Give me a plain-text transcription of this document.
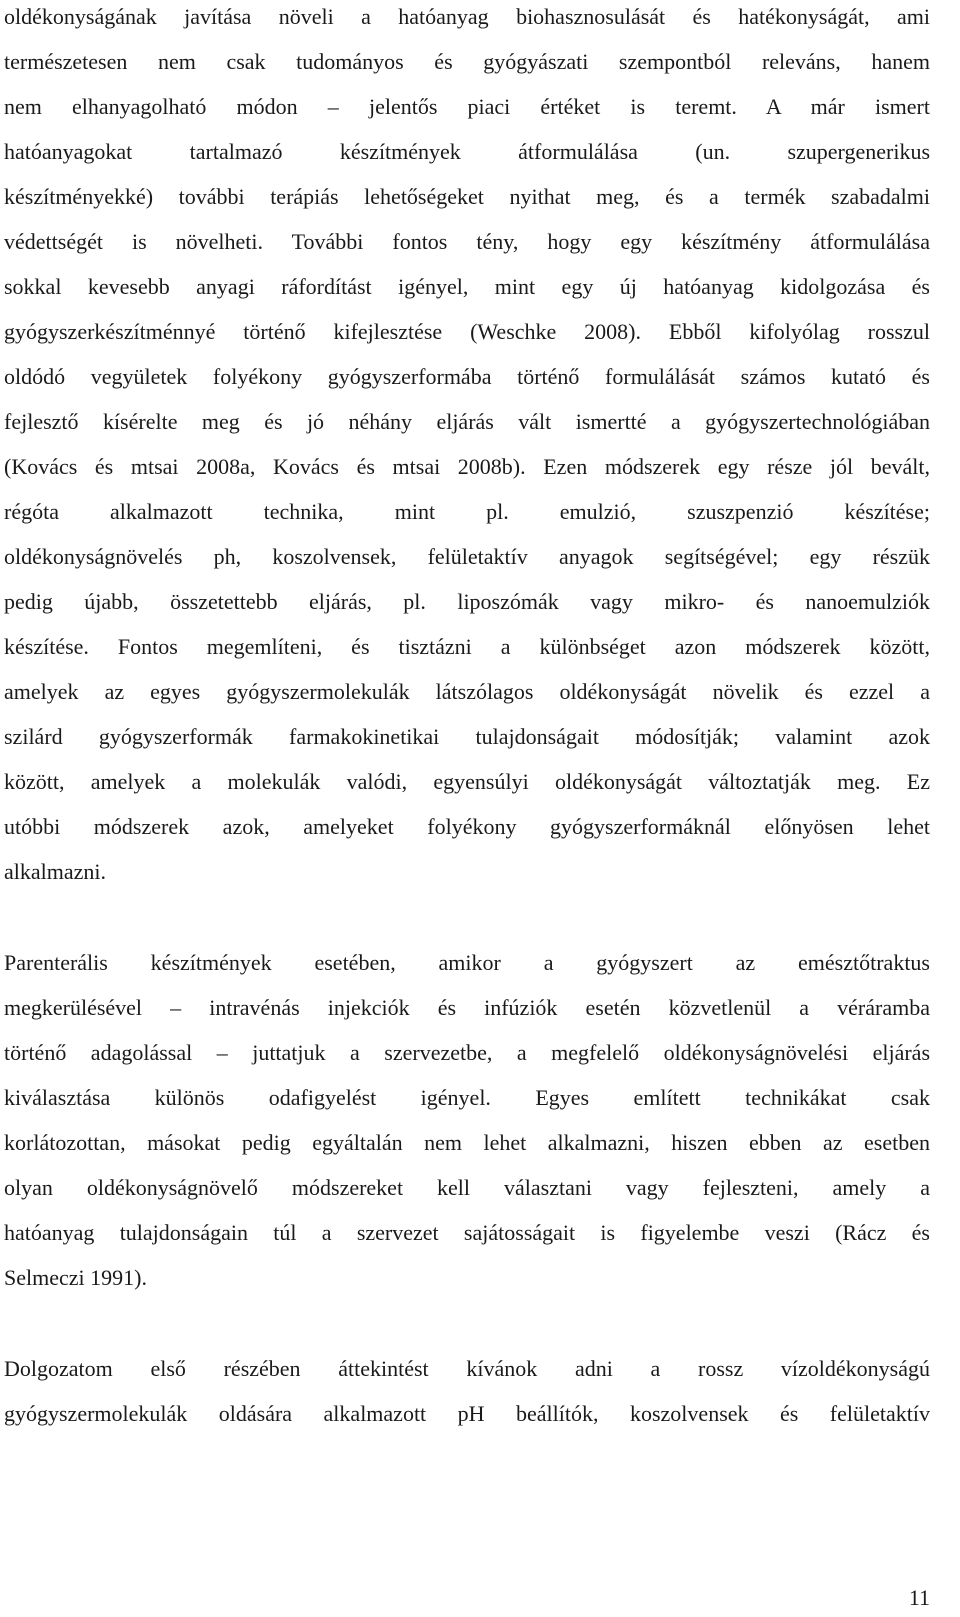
oldékonyságának javítása növeli a hatóanyag biohasznosulását és hatékonyságát, ami
természetesen nem csak tudományos és gyógyászati szempontból releváns, hanem
nem elhanyagolható módon – jelentős piaci értéket is teremt. A már ismert
hatóanyagokat tartalmazó készítmények átformulálása (un. szupergenerikus
készítményekké) további terápiás lehetőségeket nyithat meg, és a termék szabadalmi
védettségét is növelheti. További fontos tény, hogy egy készítmény átformulálása
sokkal kevesebb anyagi ráfordítást igényel, mint egy új hatóanyag kidolgozása és
gyógyszerkészítménnyé történő kifejlesztése (Weschke 2008). Ebből kifolyólag rosszul
oldódó vegyületek folyékony gyógyszerformába történő formulálását számos kutató és
fejlesztő kísérelte meg és jó néhány eljárás vált ismertté a gyógyszertechnológiában
(Kovács és mtsai 2008a, Kovács és mtsai 2008b). Ezen módszerek egy része jól bevált,
régóta alkalmazott technika, mint pl. emulzió, szuszpenzió készítése;
oldékonyságnövelés ph, koszolvensek, felületaktív anyagok segítségével; egy részük
pedig újabb, összetettebb eljárás, pl. liposzómák vagy mikro- és nanoemulziók
készítése. Fontos megemlíteni, és tisztázni a különbséget azon módszerek között,
amelyek az egyes gyógyszermolekulák látszólagos oldékonyságát növelik és ezzel a
szilárd gyógyszerformák farmakokinetikai tulajdonságait módosítják; valamint azok
között, amelyek a molekulák valódi, egyensúlyi oldékonyságát változtatják meg. Ez
utóbbi módszerek azok, amelyeket folyékony gyógyszerformáknál előnyösen lehet
alkalmazni.
Parenterális készítmények esetében, amikor a gyógyszert az emésztőtraktus
megkerülésével – intravénás injekciók és infúziók esetén közvetlenül a véráramba
történő adagolással – juttatjuk a szervezetbe, a megfelelő oldékonyságnövelési eljárás
kiválasztása különös odafigyelést igényel. Egyes említett technikákat csak
korlátozottan, másokat pedig egyáltalán nem lehet alkalmazni, hiszen ebben az esetben
olyan oldékonyságnövelő módszereket kell választani vagy fejleszteni, amely a
hatóanyag tulajdonságain túl a szervezet sajátosságait is figyelembe veszi (Rácz és
Selmeczi 1991).
Dolgozatom első részében áttekintést kívánok adni a rossz vízoldékonyságú
gyógyszermolekulák oldására alkalmazott pH beállítók, koszolvensek és felületaktív
11
